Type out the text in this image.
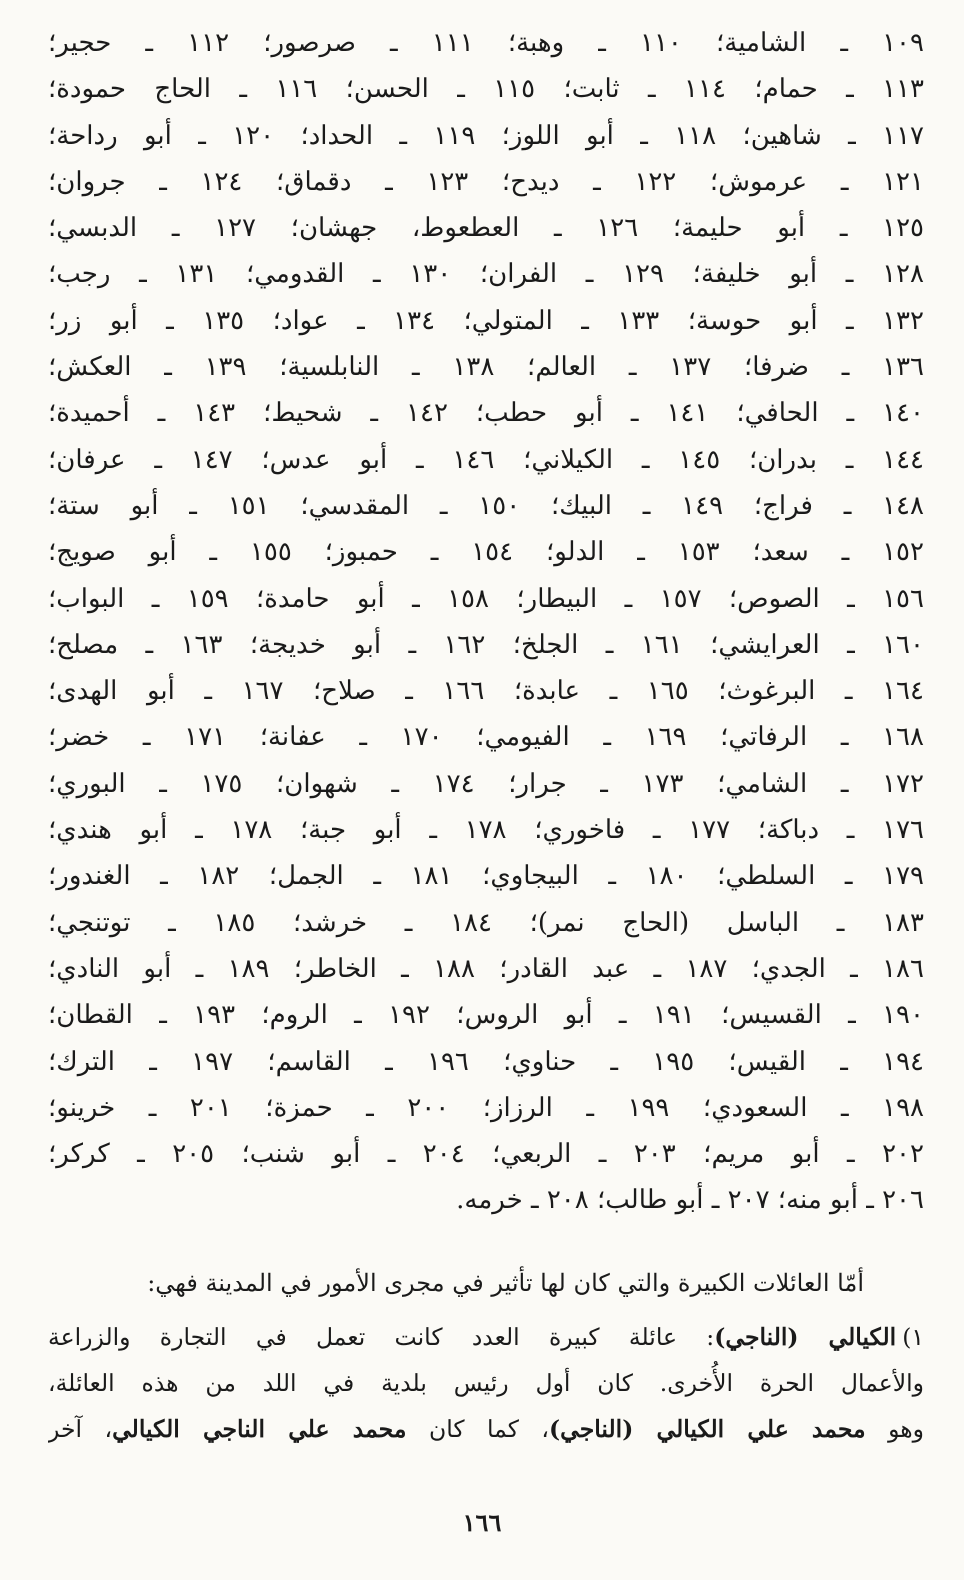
١٠٩ ـ الشامية؛ ١١٠ ـ وهبة؛ ١١١ ـ صرصور؛ ١١٢ ـ حجير؛
١١٣ ـ حمام؛ ١١٤ ـ ثابت؛ ١١٥ ـ الحسن؛ ١١٦ ـ الحاج حمودة؛
١١٧ ـ شاهين؛ ١١٨ ـ أبو اللوز؛ ١١٩ ـ الحداد؛ ١٢٠ ـ أبو رداحة؛
١٢١ ـ عرموش؛ ١٢٢ ـ ديدح؛ ١٢٣ ـ دقماق؛ ١٢٤ ـ جروان؛
١٢٥ ـ أبو حليمة؛ ١٢٦ ـ العطعوط، جهشان؛ ١٢٧ ـ الدبسي؛
١٢٨ ـ أبو خليفة؛ ١٢٩ ـ الفران؛ ١٣٠ ـ القدومي؛ ١٣١ ـ رجب؛
١٣٢ ـ أبو حوسة؛ ١٣٣ ـ المتولي؛ ١٣٤ ـ عواد؛ ١٣٥ ـ أبو زر؛
١٣٦ ـ ضرفا؛ ١٣٧ ـ العالم؛ ١٣٨ ـ النابلسية؛ ١٣٩ ـ العكش؛
١٤٠ ـ الحافي؛ ١٤١ ـ أبو حطب؛ ١٤٢ ـ شحيط؛ ١٤٣ ـ أحميدة؛
١٤٤ ـ بدران؛ ١٤٥ ـ الكيلاني؛ ١٤٦ ـ أبو عدس؛ ١٤٧ ـ عرفان؛
١٤٨ ـ فراج؛ ١٤٩ ـ البيك؛ ١٥٠ ـ المقدسي؛ ١٥١ ـ أبو ستة؛
١٥٢ ـ سعد؛ ١٥٣ ـ الدلو؛ ١٥٤ ـ حمبوز؛ ١٥٥ ـ أبو صويج؛
١٥٦ ـ الصوص؛ ١٥٧ ـ البيطار؛ ١٥٨ ـ أبو حامدة؛ ١٥٩ ـ البواب؛
١٦٠ ـ العرايشي؛ ١٦١ ـ الجلخ؛ ١٦٢ ـ أبو خديجة؛ ١٦٣ ـ مصلح؛
١٦٤ ـ البرغوث؛ ١٦٥ ـ عابدة؛ ١٦٦ ـ صلاح؛ ١٦٧ ـ أبو الهدى؛
١٦٨ ـ الرفاتي؛ ١٦٩ ـ الفيومي؛ ١٧٠ ـ عفانة؛ ١٧١ ـ خضر؛
١٧٢ ـ الشامي؛ ١٧٣ ـ جرار؛ ١٧٤ ـ شهوان؛ ١٧٥ ـ البوري؛
١٧٦ ـ دباكة؛ ١٧٧ ـ فاخوري؛ ١٧٨ ـ أبو جبة؛ ١٧٨ ـ أبو هندي؛
١٧٩ ـ السلطي؛ ١٨٠ ـ البيجاوي؛ ١٨١ ـ الجمل؛ ١٨٢ ـ الغندور؛
١٨٣ ـ الباسل (الحاج نمر)؛ ١٨٤ ـ خرشد؛ ١٨٥ ـ توتنجي؛
١٨٦ ـ الجدي؛ ١٨٧ ـ عبد القادر؛ ١٨٨ ـ الخاطر؛ ١٨٩ ـ أبو النادي؛
١٩٠ ـ القسيس؛ ١٩١ ـ أبو الروس؛ ١٩٢ ـ الروم؛ ١٩٣ ـ القطان؛
١٩٤ ـ القيس؛ ١٩٥ ـ حناوي؛ ١٩٦ ـ القاسم؛ ١٩٧ ـ الترك؛
١٩٨ ـ السعودي؛ ١٩٩ ـ الرزاز؛ ٢٠٠ ـ حمزة؛ ٢٠١ ـ خرينو؛
٢٠٢ ـ أبو مريم؛ ٢٠٣ ـ الربعي؛ ٢٠٤ ـ أبو شنب؛ ٢٠٥ ـ كركر؛
٢٠٦ ـ أبو منه؛ ٢٠٧ ـ أبو طالب؛ ٢٠٨ ـ خرمه.
أمّا العائلات الكبيرة والتي كان لها تأثير في مجرى الأمور في المدينة فهي:

١)الكيالي (الناجي): عائلة كبيرة العدد كانت تعمل في التجارة والزراعة

والأعمال الحرة الأُخرى. كان أول رئيس بلدية في اللد من هذه العائلة،

وهو محمد علي الكيالي (الناجي)، كما كان محمد علي الناجي الكيالي، آخر

١٦٦
